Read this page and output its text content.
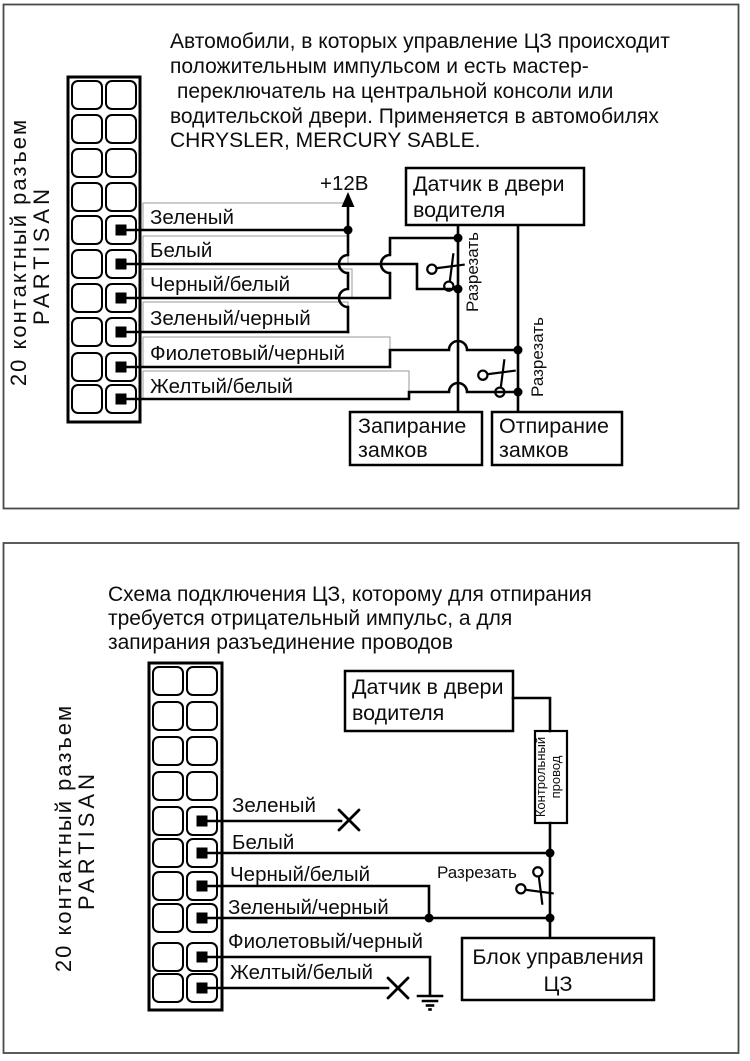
Автомобили, в которых управление ЦЗ происходит
положительным импульсом и есть мастер-
переключатель на центральной консоли или
водительской двери. Применяется в автомобилях
CHRYSLER, MERCURY SABLE.
20 контактный разъем
PARTISAN
+12В
Зеленый
Белый
Черный/белый
Зеленый/черный
Фиолетовый/черный
Желтый/белый
Разрезать
Разрезать
Датчик в двери
водителя
Запирание
замков
Отпирание
замков
Схема подключения ЦЗ, которому для отпирания
требуется отрицательный импульс, а для
запирания разъединение проводов
20 контактный разъем
PARTISAN
Датчик в двери
водителя
Контрольный провод
Зеленый
Белый
Черный/белый
Зеленый/черный
Фиолетовый/черный
Желтый/белый
Разрезать
Блок управления
ЦЗ
